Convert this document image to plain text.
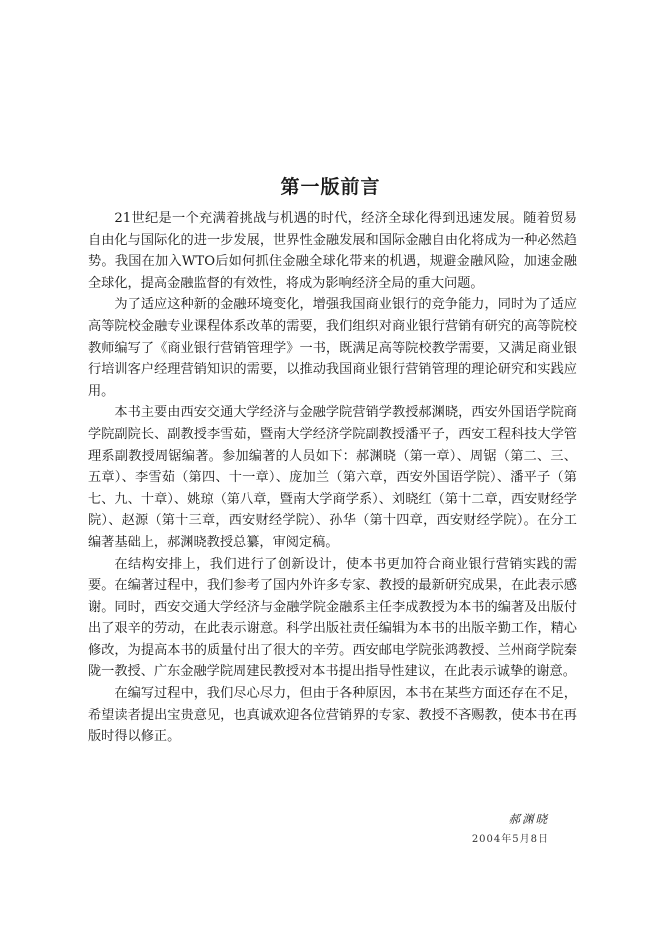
第一版前言

21世纪是一个充满着挑战与机遇的时代，经济全球化得到迅速发展。随着贸易自由化与国际化的进一步发展，世界性金融发展和国际金融自由化将成为一种必然趋势。我国在加入WTO后如何抓住金融全球化带来的机遇，规避金融风险，加速金融全球化，提高金融监督的有效性，将成为影响经济全局的重大问题。

为了适应这种新的金融环境变化，增强我国商业银行的竞争能力，同时为了适应高等院校金融专业课程体系改革的需要，我们组织对商业银行营销有研究的高等院校教师编写了《商业银行营销管理学》一书，既满足高等院校教学需要，又满足商业银行培训客户经理营销知识的需要，以推动我国商业银行营销管理的理论研究和实践应用。

本书主要由西安交通大学经济与金融学院营销学教授郝渊晓，西安外国语学院商学院副院长、副教授李雪茹，暨南大学经济学院副教授潘平子，西安工程科技大学管理系副教授周锯编著。参加编著的人员如下：郝渊晓（第一章）、周锯（第二、三、五章）、李雪茹（第四、十一章）、庞加兰（第六章，西安外国语学院）、潘平子（第七、九、十章）、姚琼（第八章，暨南大学商学系）、刘晓红（第十二章，西安财经学院）、赵源（第十三章，西安财经学院）、孙华（第十四章，西安财经学院）。在分工编著基础上，郝渊晓教授总纂，审阅定稿。

在结构安排上，我们进行了创新设计，使本书更加符合商业银行营销实践的需要。在编著过程中，我们参考了国内外许多专家、教授的最新研究成果，在此表示感谢。同时，西安交通大学经济与金融学院金融系主任李成教授为本书的编著及出版付出了艰辛的劳动，在此表示谢意。科学出版社责任编辑为本书的出版辛勤工作，精心修改，为提高本书的质量付出了很大的辛劳。西安邮电学院张鸿教授、兰州商学院秦陇一教授、广东金融学院周建民教授对本书提出指导性建议，在此表示诚挚的谢意。

在编写过程中，我们尽心尽力，但由于各种原因，本书在某些方面还存在不足，希望读者提出宝贵意见，也真诚欢迎各位营销界的专家、教授不吝赐教，使本书在再版时得以修正。

郝渊晓
2004年5月8日
